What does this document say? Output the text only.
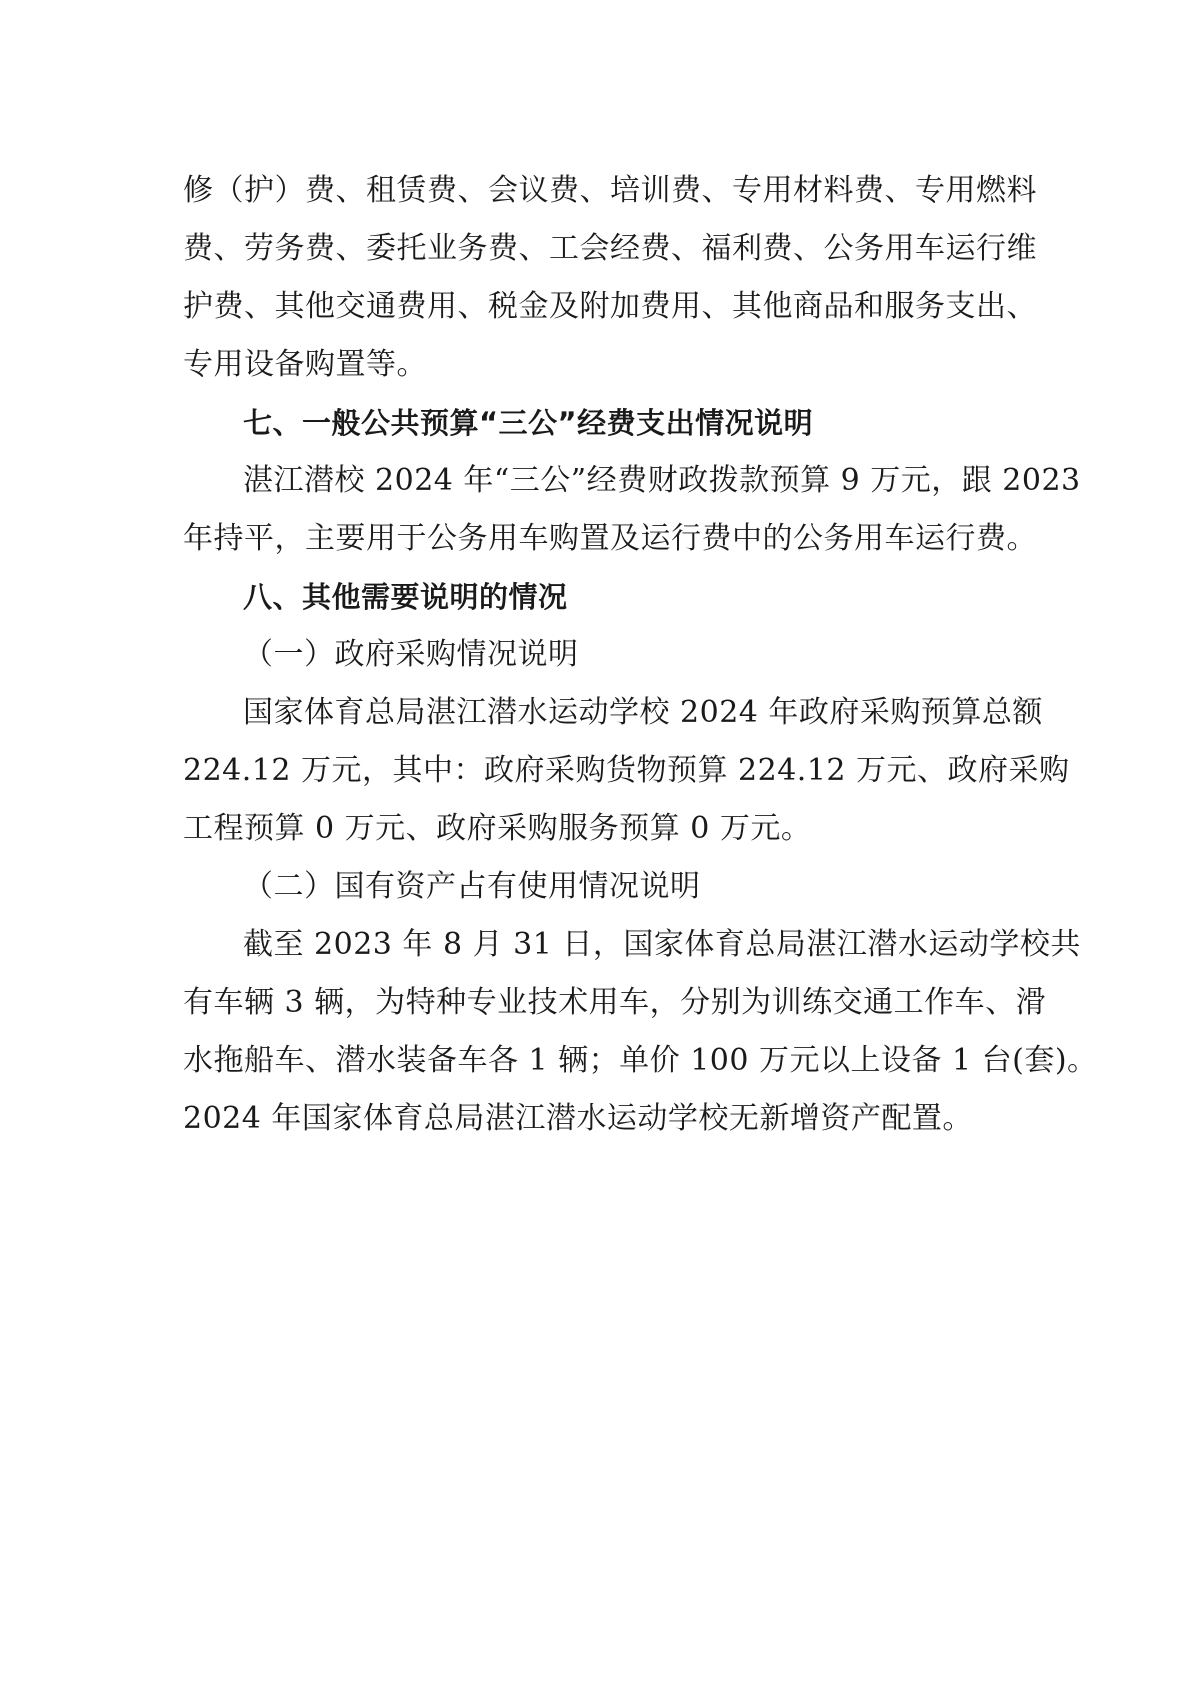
修（护）费、租赁费、会议费、培训费、专用材料费、专用燃料
费、劳务费、委托业务费、工会经费、福利费、公务用车运行维
护费、其他交通费用、税金及附加费用、其他商品和服务支出、
专用设备购置等。

七、一般公共预算“三公”经费支出情况说明

湛江潜校 2024 年“三公”经费财政拨款预算 9 万元，跟 2023
年持平，主要用于公务用车购置及运行费中的公务用车运行费。

八、其他需要说明的情况

（一）政府采购情况说明

国家体育总局湛江潜水运动学校 2024 年政府采购预算总额
224.12 万元，其中：政府采购货物预算 224.12 万元、政府采购
工程预算 0 万元、政府采购服务预算 0 万元。

（二）国有资产占有使用情况说明

截至 2023 年 8 月 31 日，国家体育总局湛江潜水运动学校共
有车辆 3 辆，为特种专业技术用车，分别为训练交通工作车、滑
水拖船车、潜水装备车各 1 辆；单价 100 万元以上设备 1 台(套)。
2024 年国家体育总局湛江潜水运动学校无新增资产配置。
